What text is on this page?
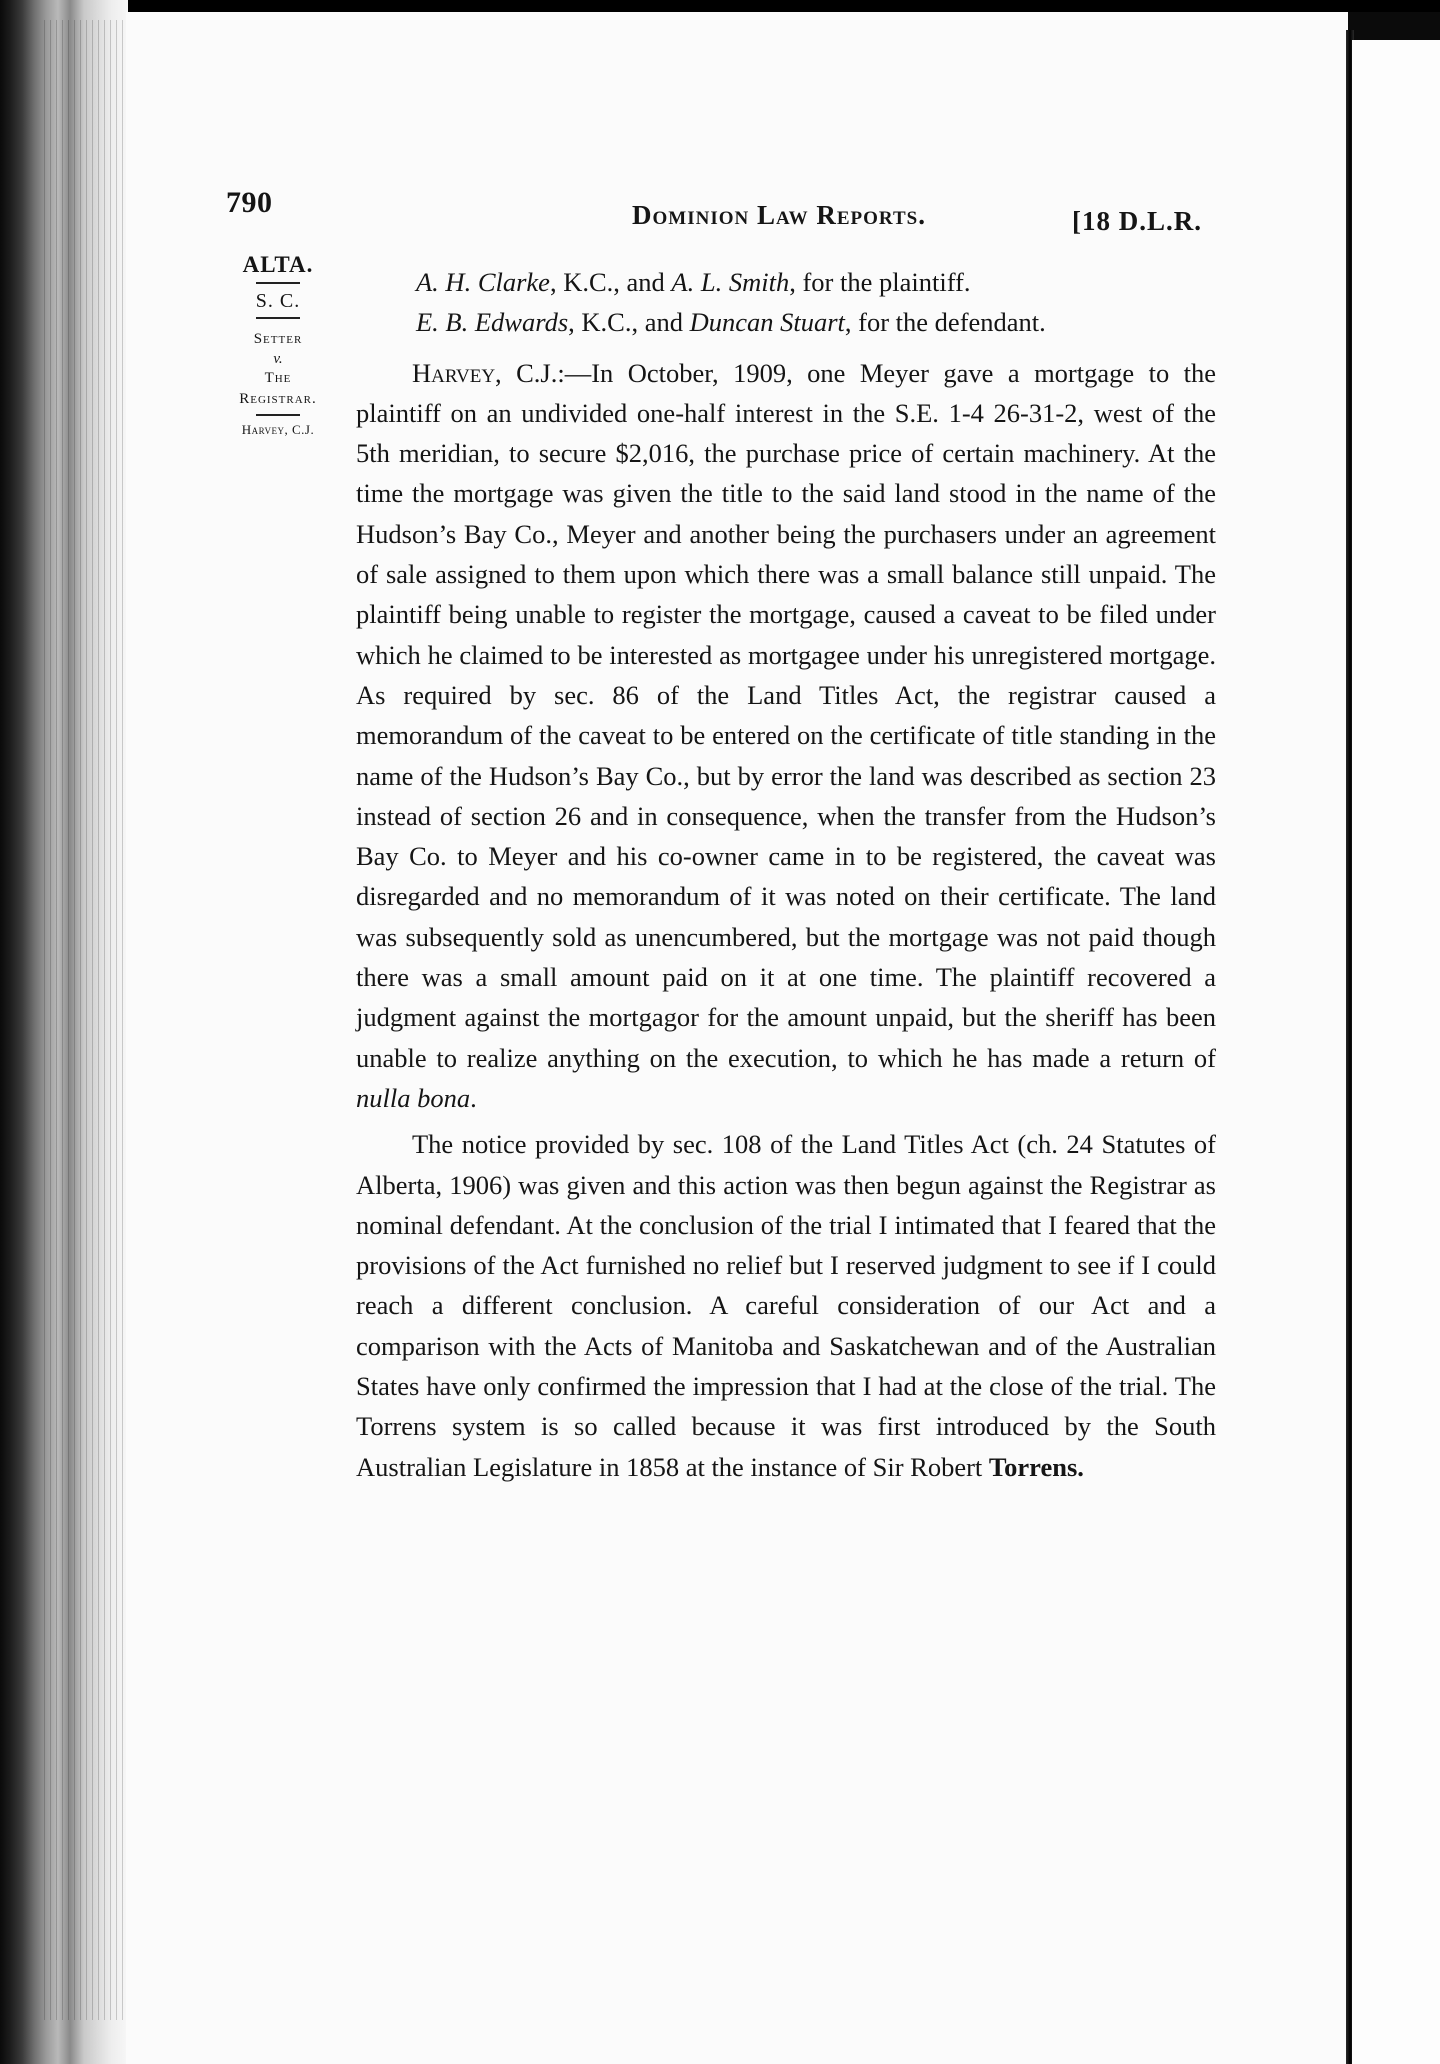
790	Dominion Law Reports.	[18 D.L.R.
ALTA.
S. C.
Setter
v.
The
Registrar.
Harvey, C.J.
A. H. Clarke, K.C., and A. L. Smith, for the plaintiff.
E. B. Edwards, K.C., and Duncan Stuart, for the defendant.

Harvey, C.J.:—In October, 1909, one Meyer gave a mortgage to the plaintiff on an undivided one-half interest in the S.E. 1-4 26-31-2, west of the 5th meridian, to secure $2,016, the purchase price of certain machinery. At the time the mortgage was given the title to the said land stood in the name of the Hudson’s Bay Co., Meyer and another being the purchasers under an agreement of sale assigned to them upon which there was a small balance still unpaid. The plaintiff being unable to register the mortgage, caused a caveat to be filed under which he claimed to be interested as mortgagee under his unregistered mortgage. As required by sec. 86 of the Land Titles Act, the registrar caused a memorandum of the caveat to be entered on the certificate of title standing in the name of the Hudson’s Bay Co., but by error the land was described as section 23 instead of section 26 and in consequence, when the transfer from the Hudson’s Bay Co. to Meyer and his co-owner came in to be registered, the caveat was disregarded and no memorandum of it was noted on their certificate. The land was subsequently sold as unencumbered, but the mortgage was not paid though there was a small amount paid on it at one time. The plaintiff recovered a judgment against the mortgagor for the amount unpaid, but the sheriff has been unable to realize anything on the execution, to which he has made a return of nulla bona.

The notice provided by sec. 108 of the Land Titles Act (ch. 24 Statutes of Alberta, 1906) was given and this action was then begun against the Registrar as nominal defendant. At the conclusion of the trial I intimated that I feared that the provisions of the Act furnished no relief but I reserved judgment to see if I could reach a different conclusion. A careful consideration of our Act and a comparison with the Acts of Manitoba and Saskatchewan and of the Australian States have only confirmed the impression that I had at the close of the trial. The Torrens system is so called because it was first introduced by the South Australian Legislature in 1858 at the instance of Sir Robert Torrens.
